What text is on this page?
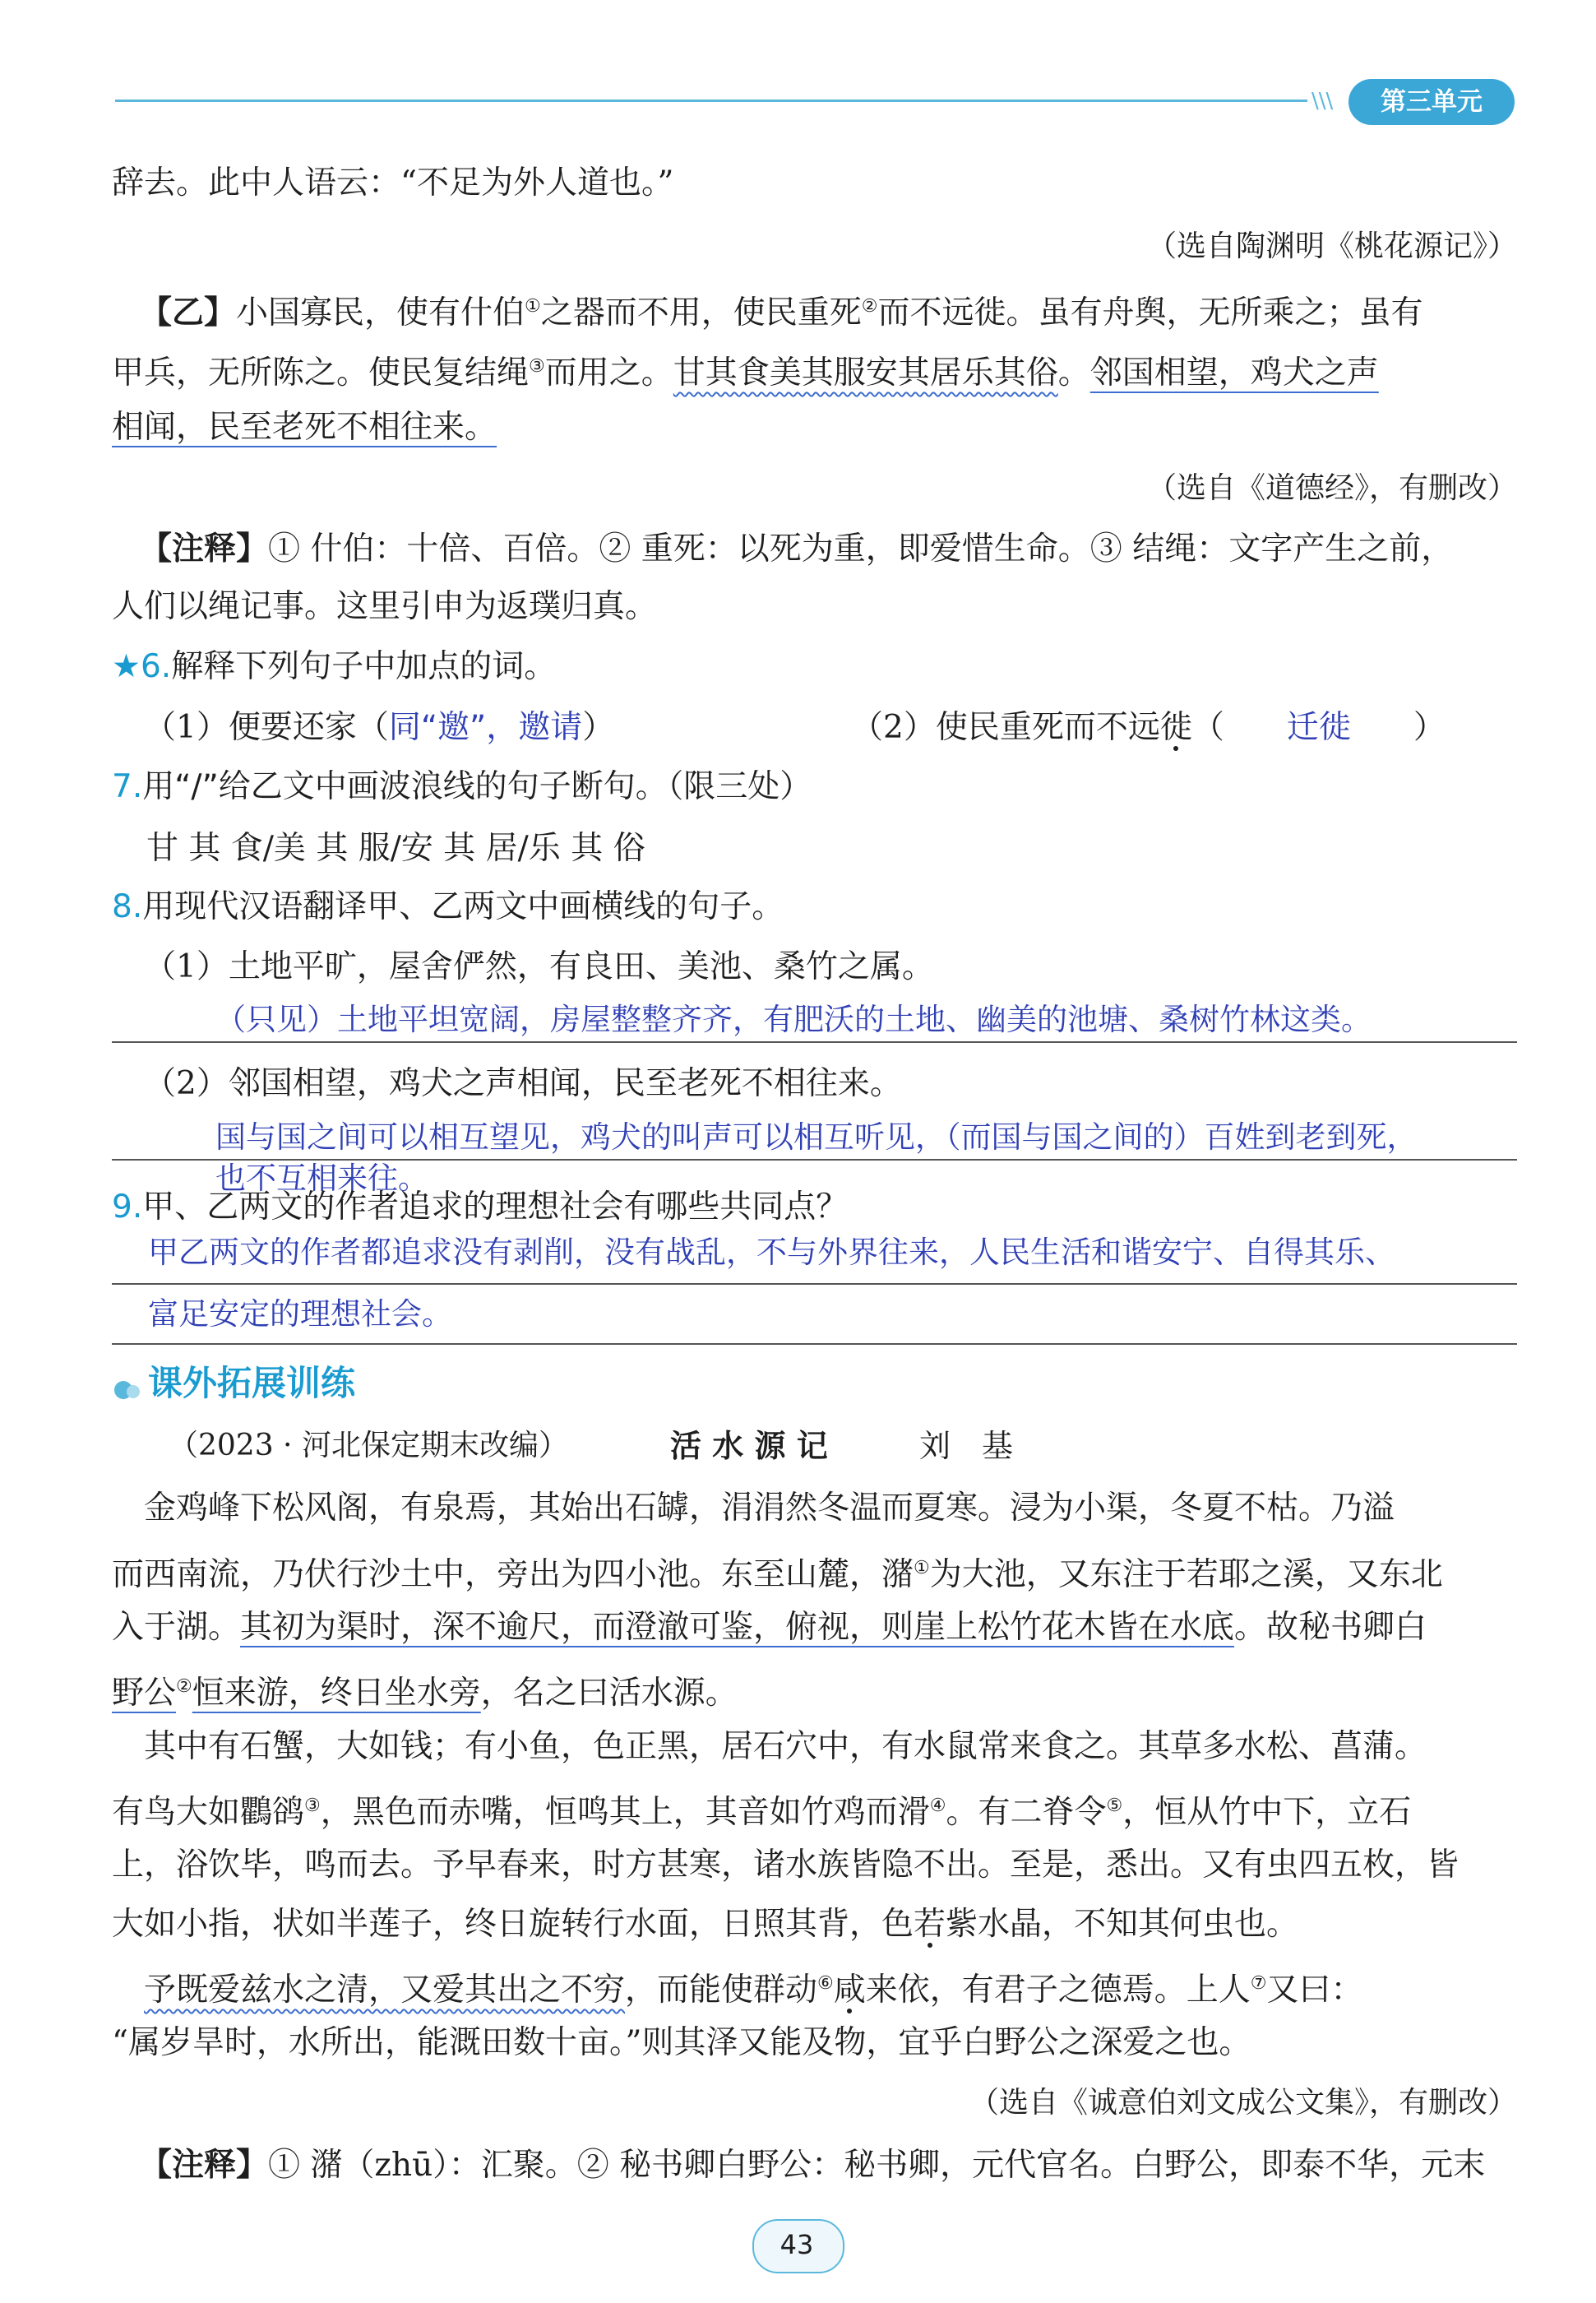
\\\	第三单元
辞去。此中人语云：“不足为外人道也。”
（选自陶渊明《桃花源记》）
【乙】小国寡民，使有什伯①之器而不用，使民重死②而不远徙。虽有舟舆，无所乘之；虽有
甲兵，无所陈之。使民复结绳③而用之。甘其食美其服安其居乐其俗。邻国相望，鸡犬之声
相闻，民至老死不相往来。
（选自《道德经》，有删改）
【注释】① 什伯：十倍、百倍。② 重死：以死为重，即爱惜生命。③ 结绳：文字产生之前，
人们以绳记事。这里引申为返璞归真。
★6.解释下列句子中加点的词。
（1）便要还家（同“邀”，邀请）	（2）使民重死而不远徙（ 迁徙 ）
7.用“/”给乙文中画波浪线的句子断句。（限三处）
甘 其 食/美 其 服/安 其 居/乐 其 俗
8.用现代汉语翻译甲、乙两文中画横线的句子。
（1）土地平旷，屋舍俨然，有良田、美池、桑竹之属。
（只见）土地平坦宽阔，房屋整整齐齐，有肥沃的土地、幽美的池塘、桑树竹林这类。
（2）邻国相望，鸡犬之声相闻，民至老死不相往来。
国与国之间可以相互望见，鸡犬的叫声可以相互听见，（而国与国之间的）百姓到老到死，
也不互相来往。
9.甲、乙两文的作者追求的理想社会有哪些共同点？
甲乙两文的作者都追求没有剥削，没有战乱，不与外界往来，人民生活和谐安宁、自得其乐、
富足安定的理想社会。
课外拓展训练
（2023 · 河北保定期末改编）	活 水 源 记	刘　基
金鸡峰下松风阁，有泉焉，其始出石罅，涓涓然冬温而夏寒。浸为小渠，冬夏不枯。乃溢
而西南流，乃伏行沙土中，旁出为四小池。东至山麓，潴①为大池，又东注于若耶之溪，又东北
入于湖。其初为渠时，深不逾尺，而澄澈可鉴，俯视，则崖上松竹花木皆在水底。故秘书卿白
野公②恒来游，终日坐水旁，名之曰活水源。
其中有石蟹，大如钱；有小鱼，色正黑，居石穴中，有水鼠常来食之。其草多水松、菖蒲。
有鸟大如鸜鹆③，黑色而赤嘴，恒鸣其上，其音如竹鸡而滑④。有二脊令⑤，恒从竹中下，立石
上，浴饮毕，鸣而去。予早春来，时方甚寒，诸水族皆隐不出。至是，悉出。又有虫四五枚，皆
大如小指，状如半莲子，终日旋转行水面，日照其背，色若紫水晶，不知其何虫也。
予既爱兹水之清，又爱其出之不穷，而能使群动⑥咸来依，有君子之德焉。上人⑦又曰：
“属岁旱时，水所出，能溉田数十亩。”则其泽又能及物，宜乎白野公之深爱之也。
（选自《诚意伯刘文成公文集》，有删改）
【注释】① 潴（zhū）：汇聚。② 秘书卿白野公：秘书卿，元代官名。白野公，即泰不华，元末
43
